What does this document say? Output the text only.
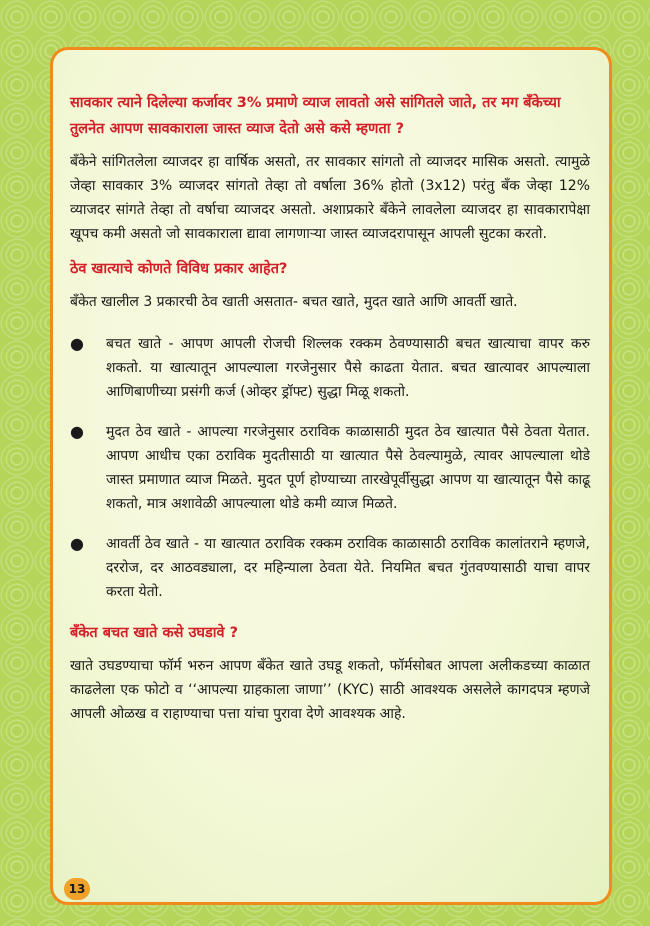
सावकार त्याने दिलेल्या कर्जावर 3% प्रमाणे व्याज लावतो असे सांगितले जाते, तर मग बँकेच्या तुलनेत आपण सावकाराला जास्त व्याज देतो असे कसे म्हणता ?

बँकेने सांगितलेला व्याजदर हा वार्षिक असतो, तर सावकार सांगतो तो व्याजदर मासिक असतो. त्यामुळे जेव्हा सावकार 3% व्याजदर सांगतो तेव्हा तो वर्षाला 36% होतो (3x12) परंतु बँक जेव्हा 12% व्याजदर सांगते तेव्हा तो वर्षाचा व्याजदर असतो. अशाप्रकारे बँकेने लावलेला व्याजदर हा सावकारापेक्षा खूपच कमी असतो जो सावकाराला द्यावा लागणाऱ्या जास्त व्याजदरापासून आपली सुटका करतो.

ठेव खात्याचे कोणते विविध प्रकार आहेत?

बँकेत खालील 3 प्रकारची ठेव खाती असतात- बचत खाते, मुदत खाते आणि आवर्ती खाते.

●	बचत खाते - आपण आपली रोजची शिल्लक रक्कम ठेवण्यासाठी बचत खात्याचा वापर करु शकतो. या खात्यातून आपल्याला गरजेनुसार पैसे काढता येतात. बचत खात्यावर आपल्याला आणिबाणीच्या प्रसंगी कर्ज (ओव्हर ड्रॉफ्ट) सुद्धा मिळू शकतो.
●	मुदत ठेव खाते - आपल्या गरजेनुसार ठराविक काळासाठी मुदत ठेव खात्यात पैसे ठेवता येतात. आपण आधीच एका ठराविक मुदतीसाठी या खात्यात पैसे ठेवल्यामुळे, त्यावर आपल्याला थोडे जास्त प्रमाणात व्याज मिळते. मुदत पूर्ण होण्याच्या तारखेपूर्वीसुद्धा आपण या खात्यातून पैसे काढू शकतो, मात्र अशावेळी आपल्याला थोडे कमी व्याज मिळते.
●	आवर्ती ठेव खाते - या खात्यात ठराविक रक्कम ठराविक काळासाठी ठराविक कालांतराने म्हणजे, दररोज, दर आठवड्याला, दर महिन्याला ठेवता येते. नियमित बचत गुंतवण्यासाठी याचा वापर करता येतो.

बँकेत बचत खाते कसे उघडावे ?

खाते उघडण्याचा फॉर्म भरुन आपण बँकेत खाते उघडू शकतो, फॉर्मसोबत आपला अलीकडच्या काळात काढलेला एक फोटो व ‘‘आपल्या ग्राहकाला जाणा’’ (KYC) साठी आवश्यक असलेले कागदपत्र म्हणजे आपली ओळख व राहाण्याचा पत्ता यांचा पुरावा देणे आवश्यक आहे.

13
